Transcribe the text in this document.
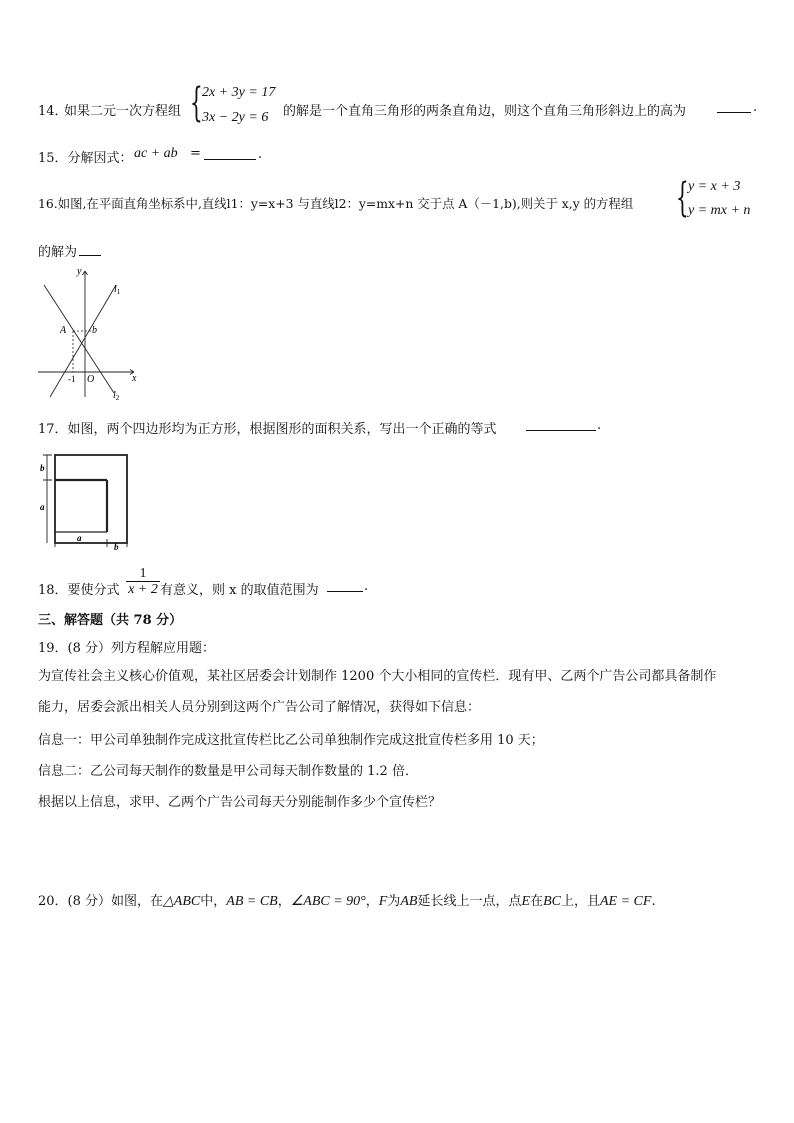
14．
如果二元一次方程组 { 2x + 3y = 17
3x − 2y = 6 的解是一个直角三角形的两条直角边，则这个直角三角形斜边上的高为	.
15．分解因式： ac + ab =	.
16.如图,在平面直角坐标系中,直线l1：y=x+3 与直线l2：y=mx+n 交于点 A（－1,b),则关于 x,y 的方程组 { y = x + 3
y = mx + n
的解为
y
x
O
-1
A	b
$l_1$
$l_2$
17．如图，两个四边形均为正方形，根据图形的面积关系，写出一个正确的等式	.
b
a
a
b
18．要使分式
1
x + 2 有意义，则 x 的取值范围为	.
三、解答题（共 78 分）
19．(8 分）列方程解应用题：
为宣传社会主义核心价值观，某社区居委会计划制作 1200 个大小相同的宣传栏．现有甲、乙两个广告公司都具备制作
能力，居委会派出相关人员分别到这两个广告公司了解情况，获得如下信息：
信息一：甲公司单独制作完成这批宣传栏比乙公司单独制作完成这批宣传栏多用 10 天；
信息二：乙公司每天制作的数量是甲公司每天制作数量的 1.2 倍．
根据以上信息，求甲、乙两个广告公司每天分别能制作多少个宣传栏？
20．(8 分）如图，在△ABC中，AB = CB，∠ABC = 90°，F为AB延长线上一点，点E在BC上，且AE = CF.
